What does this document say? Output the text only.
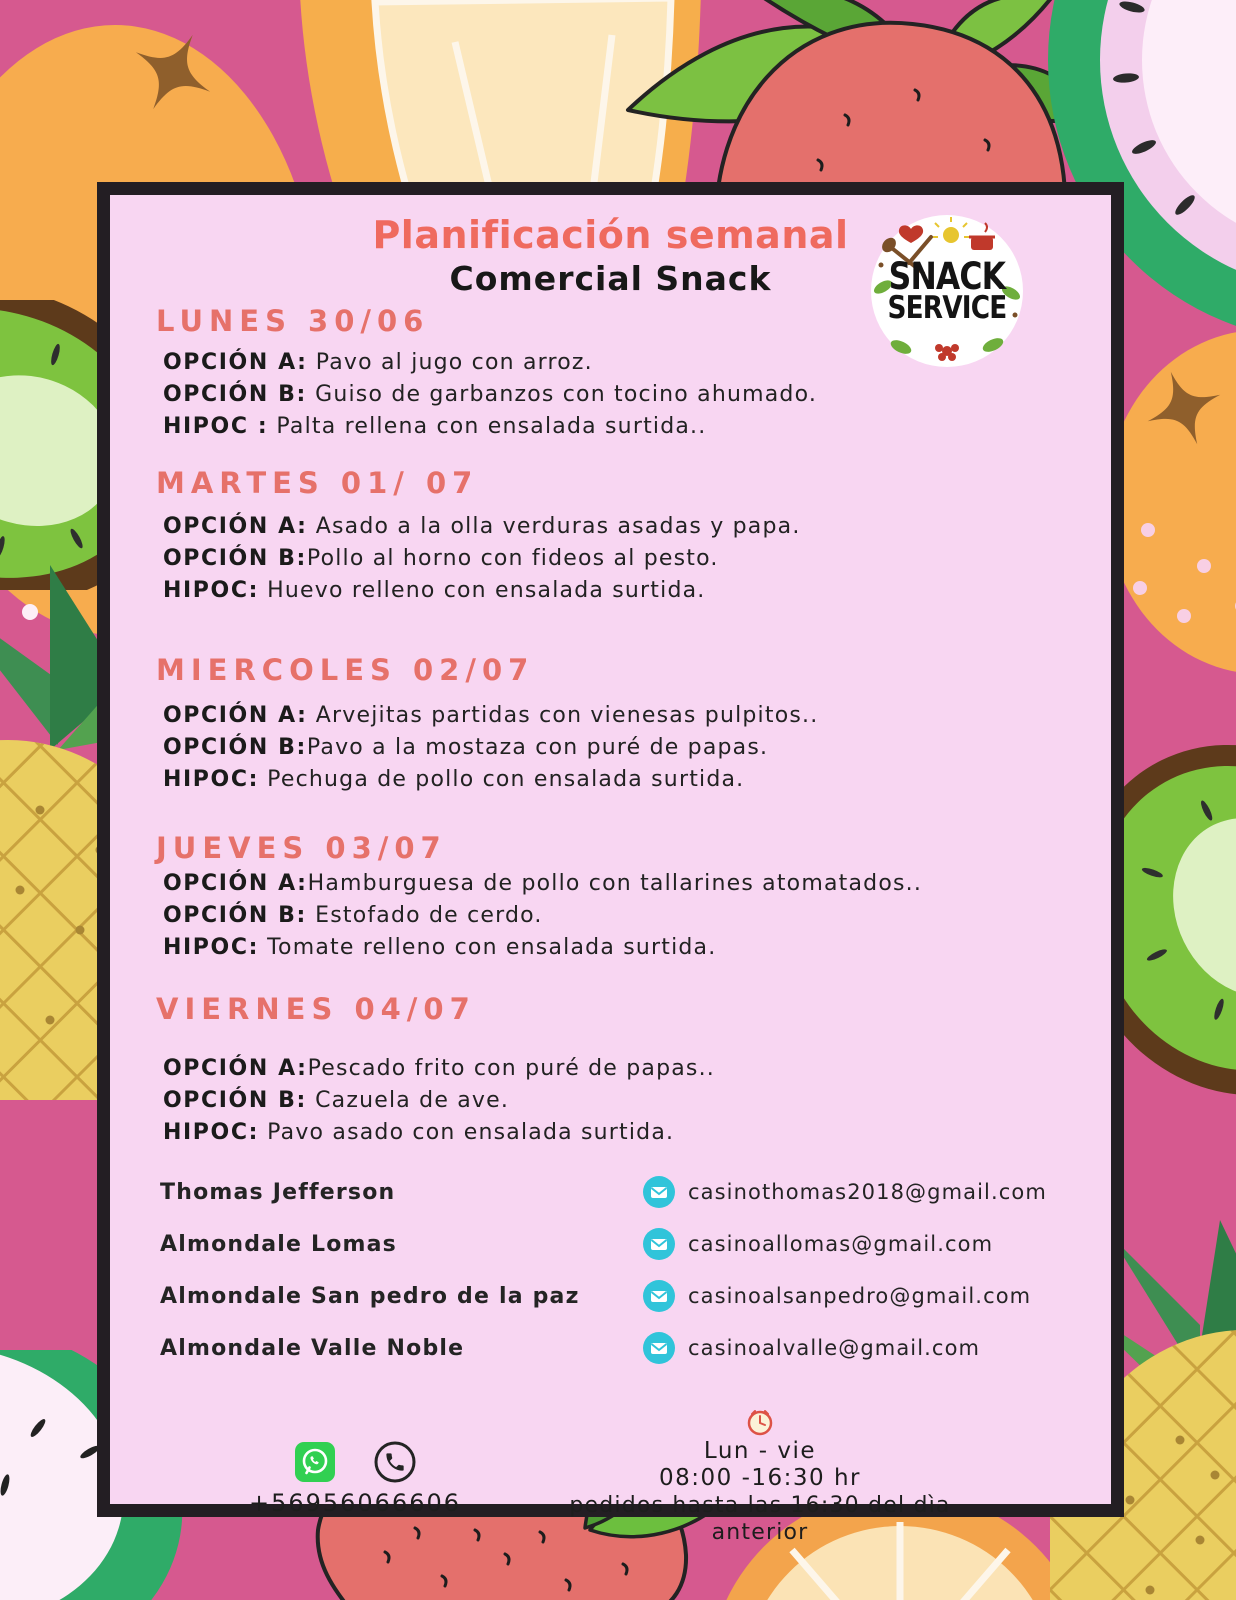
SNACK
SERVICE
Planificación semanal
Comercial Snack
LUNES 30/06

OPCIÓN A: Pavo al jugo con arroz.

OPCIÓN B: Guiso de garbanzos con tocino ahumado.

HIPOC : Palta rellena con ensalada surtida..

MARTES 01/ 07

OPCIÓN A: Asado a la olla verduras asadas y papa.

OPCIÓN B:Pollo al horno con fideos al pesto.

HIPOC: Huevo relleno con ensalada surtida.

MIERCOLES 02/07

OPCIÓN A: Arvejitas partidas con vienesas pulpitos..

OPCIÓN B:Pavo a la mostaza con puré de papas.

HIPOC: Pechuga de pollo con ensalada surtida.

JUEVES 03/07

OPCIÓN A:Hamburguesa de pollo con tallarines atomatados..

OPCIÓN B: Estofado de cerdo.

HIPOC: Tomate relleno con ensalada surtida.

VIERNES 04/07

OPCIÓN A:Pescado frito con puré de papas..

OPCIÓN B: Cazuela de ave.

HIPOC: Pavo asado con ensalada surtida.

Thomas Jefferson	casinothomas2018@gmail.com
Almondale Lomas	casinoallomas@gmail.com
Almondale San pedro de la paz	casinoalsanpedro@gmail.com
Almondale Valle Noble	casinoalvalle@gmail.com
+56956066606
Lun - vie
08:00 -16:30 hr
pedidos hasta las 16:30 del dìa anterior
